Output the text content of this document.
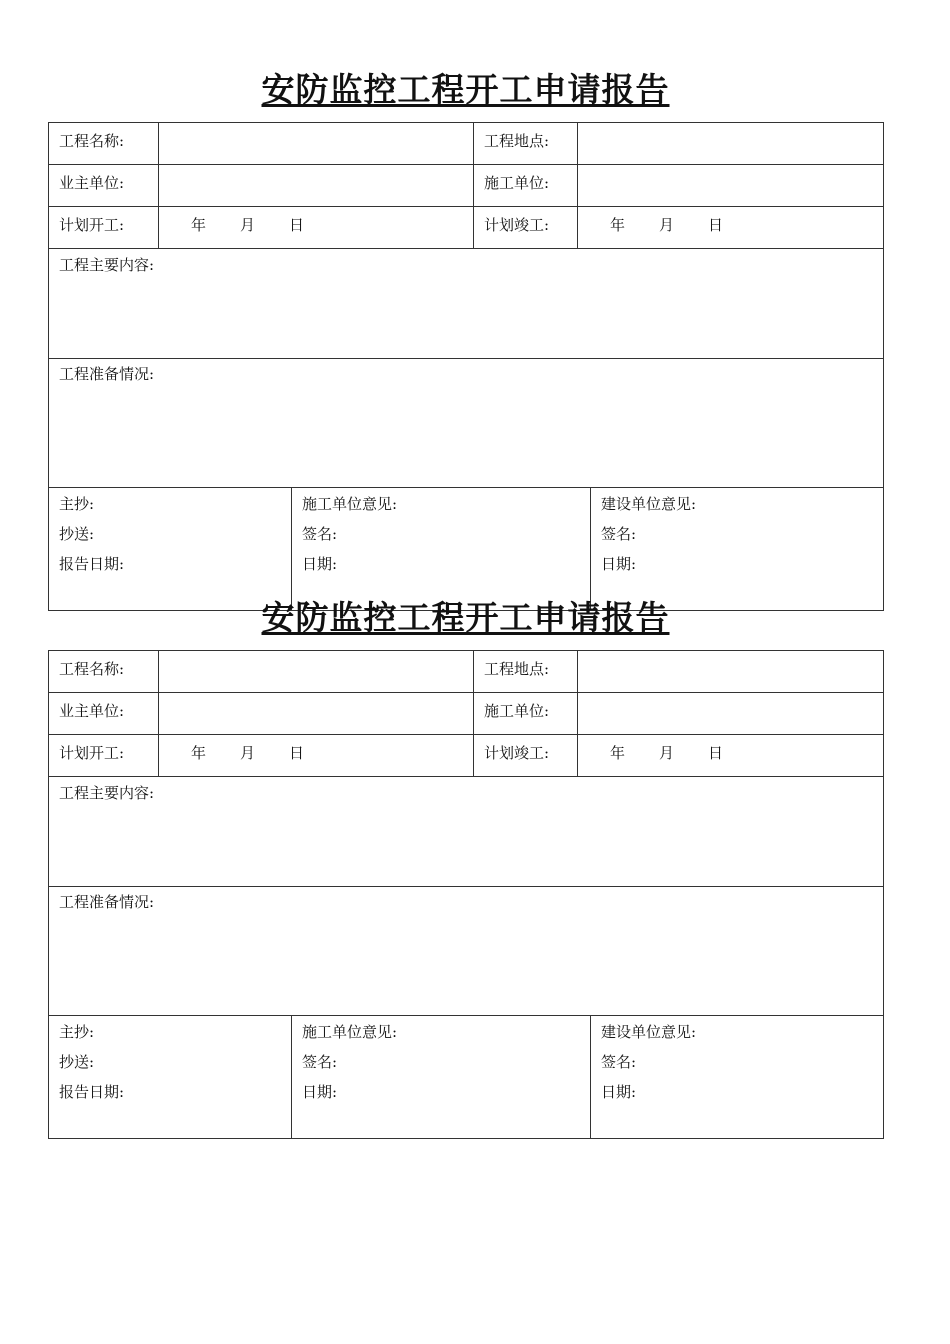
安防监控工程开工申请报告
工程名称:		工程地点:	
业主单位:		施工单位:	
计划开工:	年 月 日	计划竣工:	年 月 日
工程主要内容:			
工程准备情况:			
主抄:
抄送:
报告日期:

施工单位意见:
签名:
日期:

建设单位意见:
签名:
日期:
安防监控工程开工申请报告
工程名称:		工程地点:	
业主单位:		施工单位:	
计划开工:	年 月 日	计划竣工:	年 月 日
工程主要内容:			
工程准备情况:			
主抄:
抄送:
报告日期:

施工单位意见:
签名:
日期:

建设单位意见:
签名:
日期:
